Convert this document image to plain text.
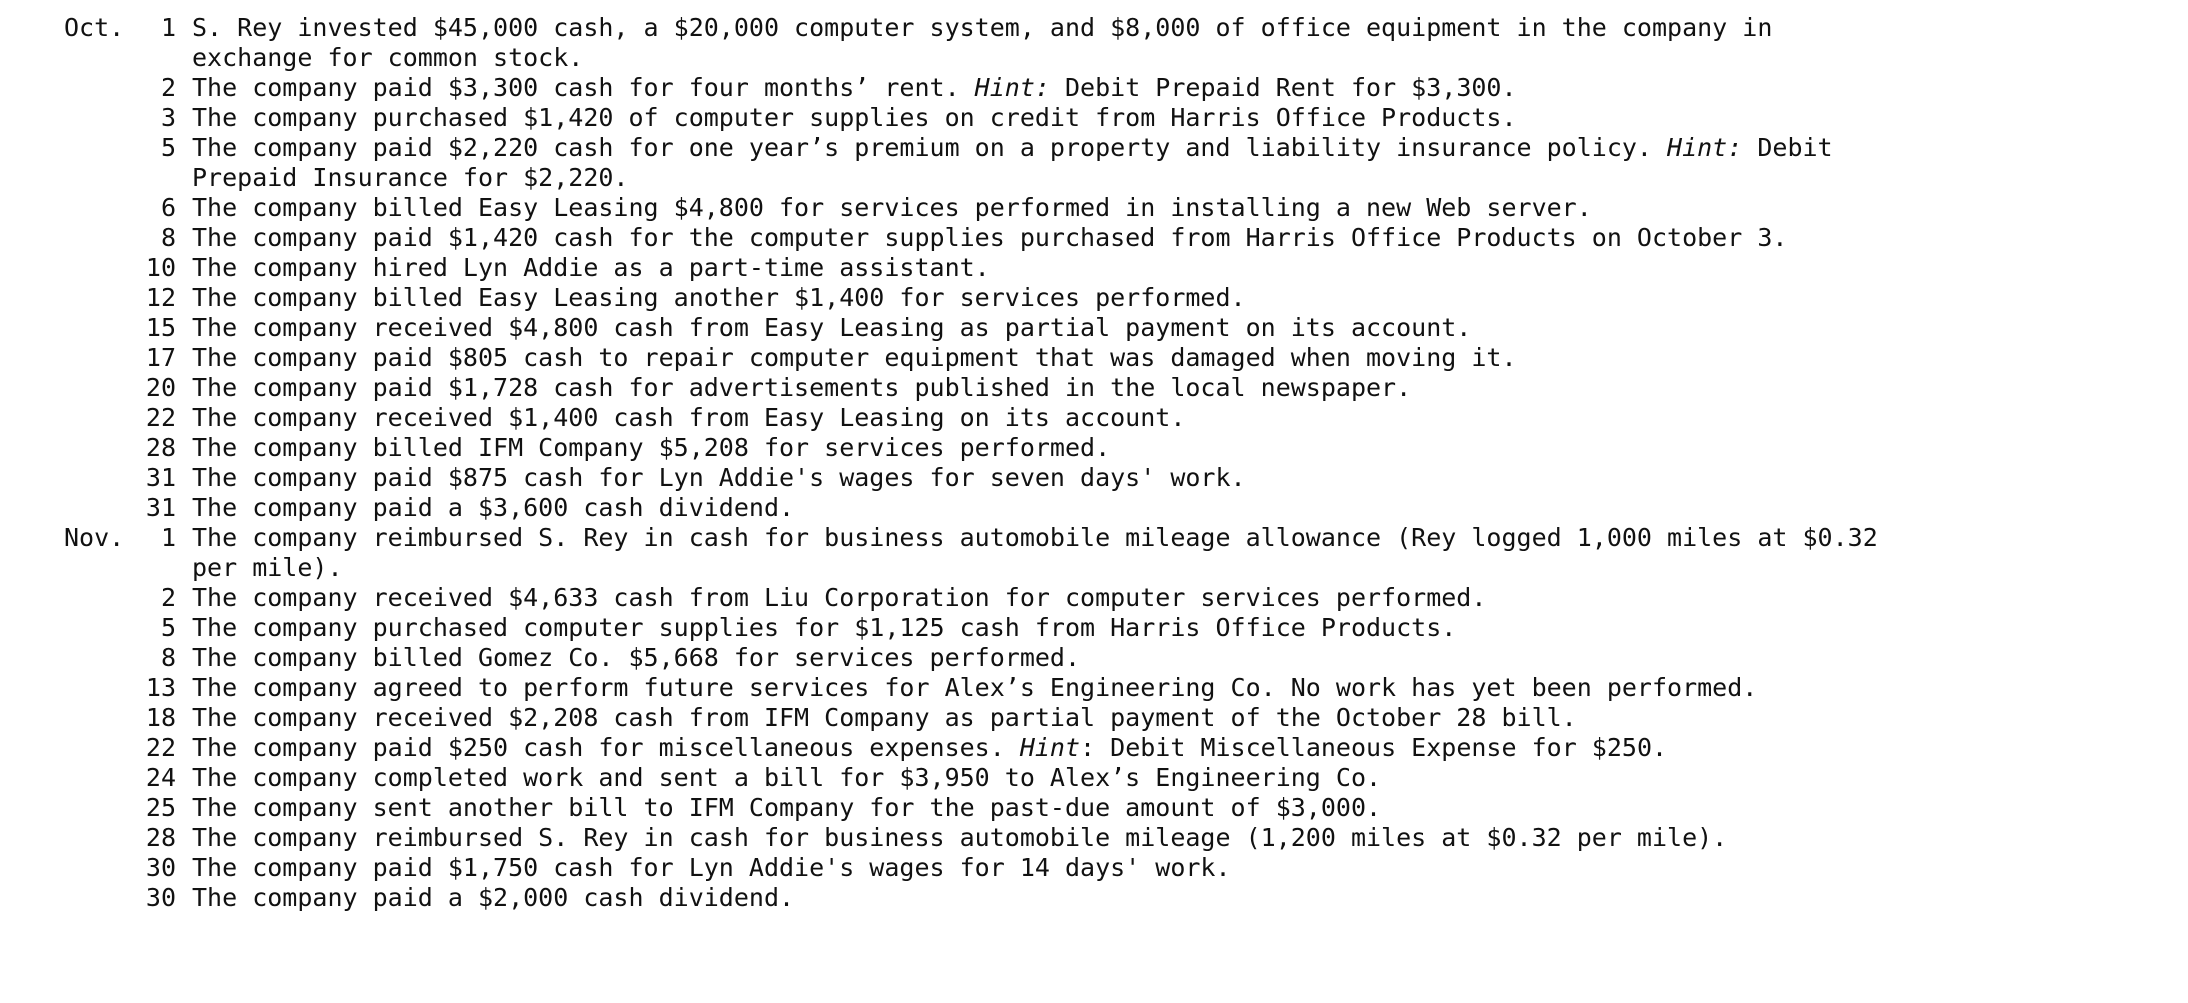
Oct.

	1

S. Rey invested $45,000 cash, a $20,000 computer system, and $8,000 of office equipment in the company in

exchange for common stock.

2

The company paid $3,300 cash for four months’ rent. Hint: Debit Prepaid Rent for $3,300.

3

The company purchased $1,420 of computer supplies on credit from Harris Office Products.

5

The company paid $2,220 cash for one year’s premium on a property and liability insurance policy. Hint: Debit

Prepaid Insurance for $2,220.

6

The company billed Easy Leasing $4,800 for services performed in installing a new Web server.

8

The company paid $1,420 cash for the computer supplies purchased from Harris Office Products on October 3.

10

The company hired Lyn Addie as a part-time assistant.

12

The company billed Easy Leasing another $1,400 for services performed.

15

The company received $4,800 cash from Easy Leasing as partial payment on its account.

17

The company paid $805 cash to repair computer equipment that was damaged when moving it.

20

The company paid $1,728 cash for advertisements published in the local newspaper.

22

The company received $1,400 cash from Easy Leasing on its account.

28

The company billed IFM Company $5,208 for services performed.

31

The company paid $875 cash for Lyn Addie's wages for seven days' work.

31

The company paid a $3,600 cash dividend.

Nov.

	1

The company reimbursed S. Rey in cash for business automobile mileage allowance (Rey logged 1,000 miles at $0.32

per mile).

2

The company received $4,633 cash from Liu Corporation for computer services performed.

5

The company purchased computer supplies for $1,125 cash from Harris Office Products.

8

The company billed Gomez Co. $5,668 for services performed.

13

The company agreed to perform future services for Alex’s Engineering Co. No work has yet been performed.

18

The company received $2,208 cash from IFM Company as partial payment of the October 28 bill.

22

The company paid $250 cash for miscellaneous expenses. Hint: Debit Miscellaneous Expense for $250.

24

The company completed work and sent a bill for $3,950 to Alex’s Engineering Co.

25

The company sent another bill to IFM Company for the past-due amount of $3,000.

28

The company reimbursed S. Rey in cash for business automobile mileage (1,200 miles at $0.32 per mile).

30

The company paid $1,750 cash for Lyn Addie's wages for 14 days' work.

30

The company paid a $2,000 cash dividend.
